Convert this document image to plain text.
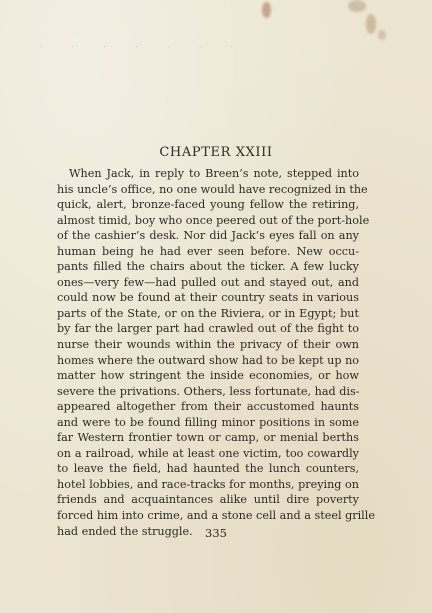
· · · · · · ·
CHAPTER XXIII
When Jack, in reply to Breen’s note, stepped into
his uncle’s office, no one would have recognized in the
quick, alert, bronze-faced young fellow the retiring,
almost timid, boy who once peered out of the port-hole
of the cashier’s desk. Nor did Jack’s eyes fall on any
human being he had ever seen before. New occu-
pants filled the chairs about the ticker. A few lucky
ones—very few—had pulled out and stayed out, and
could now be found at their country seats in various
parts of the State, or on the Riviera, or in Egypt; but
by far the larger part had crawled out of the fight to
nurse their wounds within the privacy of their own
homes where the outward show had to be kept up no
matter how stringent the inside economies, or how
severe the privations. Others, less fortunate, had dis-
appeared altogether from their accustomed haunts
and were to be found filling minor positions in some
far Western frontier town or camp, or menial berths
on a railroad, while at least one victim, too cowardly
to leave the field, had haunted the lunch counters,
hotel lobbies, and race-tracks for months, preying on
friends and acquaintances alike until dire poverty
forced him into crime, and a stone cell and a steel grille
had ended the struggle.	335
